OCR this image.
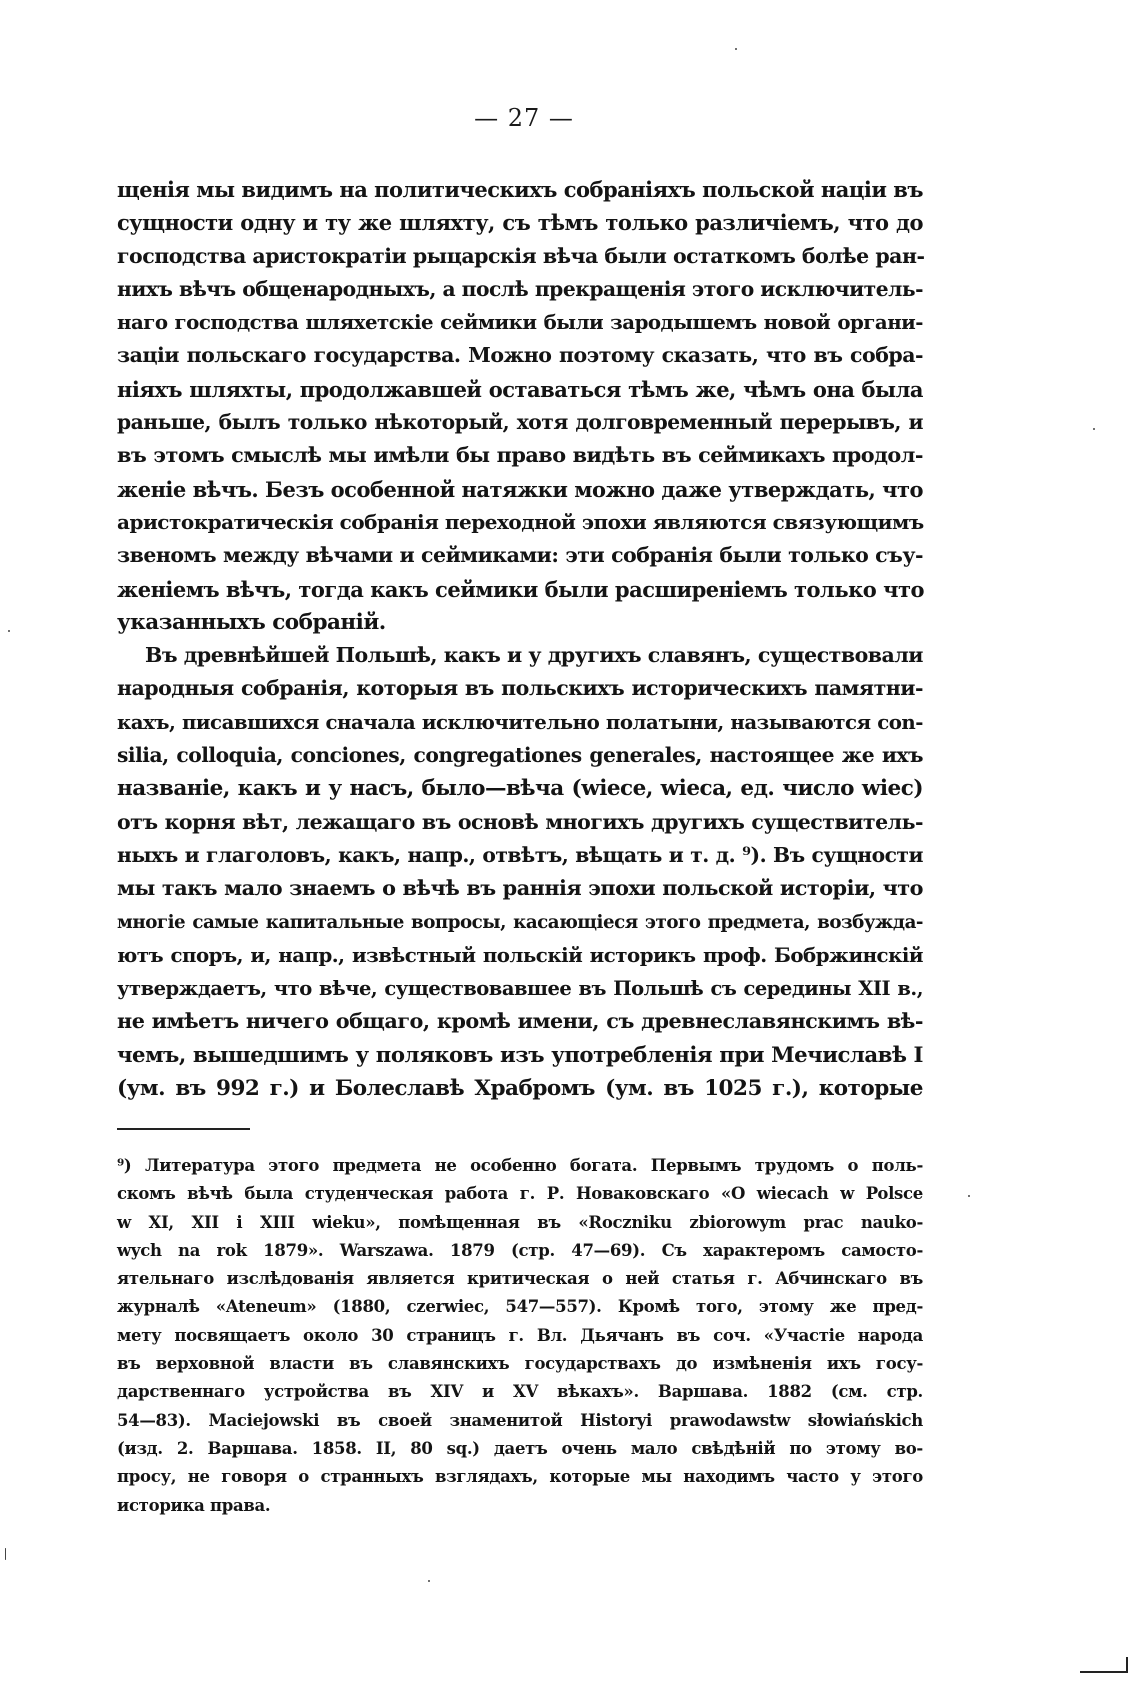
— 27 —
щенія мы видимъ на политическихъ собраніяхъ польской націи въ
сущности одну и ту же шляхту, съ тѣмъ только различіемъ, что до
господства аристократіи рыцарскія вѣча были остаткомъ болѣе ран-
нихъ вѣчъ общенародныхъ, а послѣ прекращенія этого исключитель-
наго господства шляхетскіе сеймики были зародышемъ новой органи-
заціи польскаго государства. Можно поэтому сказать, что въ собра-
ніяхъ шляхты, продолжавшей оставаться тѣмъ же, чѣмъ она была
раньше, былъ только нѣкоторый, хотя долговременный перерывъ, и
въ этомъ смыслѣ мы имѣли бы право видѣть въ сеймикахъ продол-
женіе вѣчъ. Безъ особенной натяжки можно даже утверждать, что
аристократическія собранія переходной эпохи являются связующимъ
звеномъ между вѣчами и сеймиками: эти собранія были только съу-
женіемъ вѣчъ, тогда какъ сеймики были расширеніемъ только что
указанныхъ собраній.
Въ древнѣйшей Польшѣ, какъ и у другихъ славянъ, существовали
народныя собранія, которыя въ польскихъ историческихъ памятни-
кахъ, писавшихся сначала исключительно полатыни, называются con-
silia, colloquia, conciones, congregationes generales, настоящее же ихъ
названіе, какъ и у насъ, было—вѣча (wiece, wieca, ед. число wiec)
отъ корня вѣт, лежащаго въ основѣ многихъ другихъ существитель-
ныхъ и глаголовъ, какъ, напр., отвѣтъ, вѣщать и т. д. ⁹). Въ сущности
мы такъ мало знаемъ о вѣчѣ въ раннія эпохи польской исторіи, что
многіе самые капитальные вопросы, касающіеся этого предмета, возбужда-
ютъ споръ, и, напр., извѣстный польскій историкъ проф. Бобржинскій
утверждаетъ, что вѣче, существовавшее въ Польшѣ съ середины XII в.,
не имѣетъ ничего общаго, кромѣ имени, съ древнеславянскимъ вѣ-
чемъ, вышедшимъ у поляковъ изъ употребленія при Мечиславѣ I
(ум. въ 992 г.) и Болеславѣ Храбромъ (ум. въ 1025 г.), которые
⁹) Литература этого предмета не особенно богата. Первымъ трудомъ о поль-
скомъ вѣчѣ была студенческая работа г. Р. Новаковскаго «O wiecach w Polsce
w XI, XII i XIII wieku», помѣщенная въ «Roczniku zbiorowym prac nauko-
wych na rok 1879». Warszawa. 1879 (стр. 47—69). Съ характеромъ самосто-
ятельнаго изслѣдованія является критическая о ней статья г. Абчинскаго въ
журналѣ «Ateneum» (1880, czerwiec, 547—557). Кромѣ того, этому же пред-
мету посвящаетъ около 30 страницъ г. Вл. Дьячанъ въ соч. «Участіе народа
въ верховной власти въ славянскихъ государствахъ до измѣненія ихъ госу-
дарственнаго устройства въ XIV и XV вѣкахъ». Варшава. 1882 (см. стр.
54—83). Maciejowski въ своей знаменитой Historyi prawodawstw słowiańskich
(изд. 2. Варшава. 1858. II, 80 sq.) даетъ очень мало свѣдѣній по этому во-
просу, не говоря о странныхъ взглядахъ, которые мы находимъ часто у этого
историка права.
